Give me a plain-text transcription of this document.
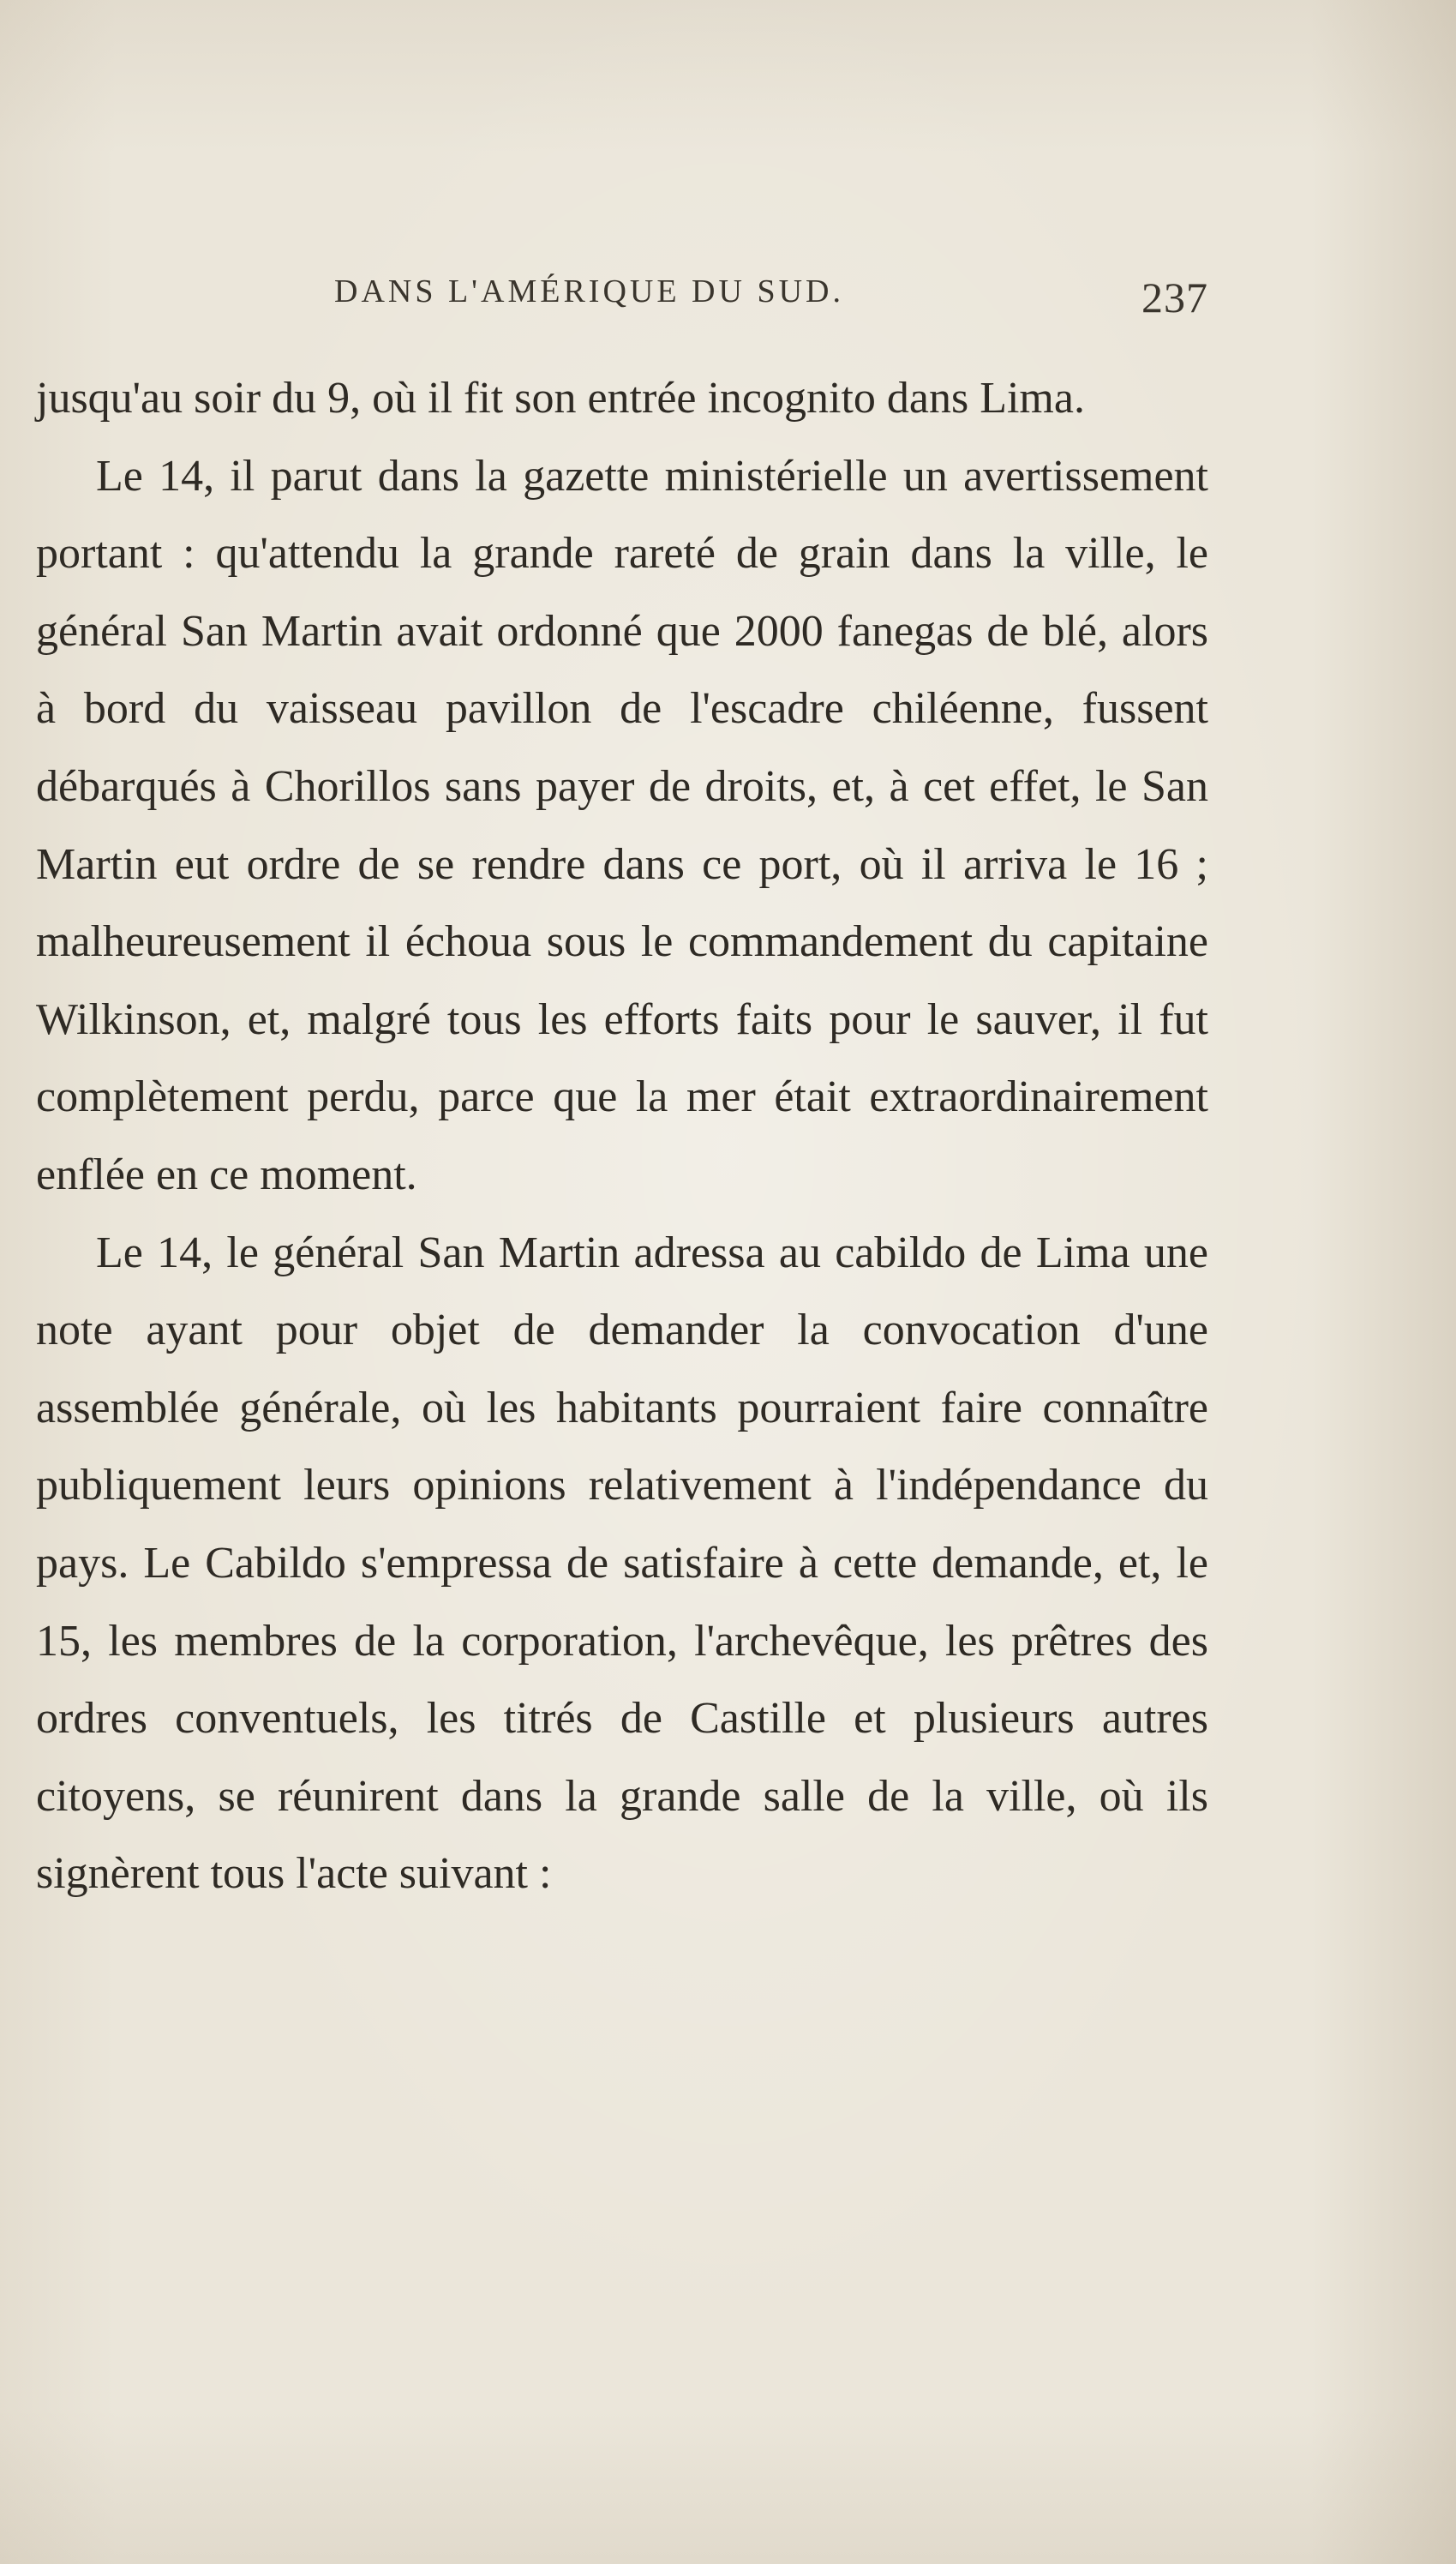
DANS L'AMÉRIQUE DU SUD.	237

jusqu'au soir du 9, où il fit son entrée incognito dans Lima.

Le 14, il parut dans la gazette ministérielle un avertissement portant : qu'attendu la grande rareté de grain dans la ville, le général San Martin avait ordonné que 2000 fanegas de blé, alors à bord du vaisseau pavillon de l'escadre chiléenne, fussent débarqués à Chorillos sans payer de droits, et, à cet effet, le San Martin eut ordre de se rendre dans ce port, où il arriva le 16 ; malheureusement il échoua sous le commandement du capitaine Wilkinson, et, malgré tous les efforts faits pour le sauver, il fut complètement perdu, parce que la mer était extraordinairement enflée en ce moment.

Le 14, le général San Martin adressa au cabildo de Lima une note ayant pour objet de demander la convocation d'une assemblée générale, où les habitants pourraient faire connaître publiquement leurs opinions relativement à l'indépendance du pays. Le Cabildo s'empressa de satisfaire à cette demande, et, le 15, les membres de la corporation, l'archevêque, les prêtres des ordres conventuels, les titrés de Castille et plusieurs autres citoyens, se réunirent dans la grande salle de la ville, où ils signèrent tous l'acte suivant :
